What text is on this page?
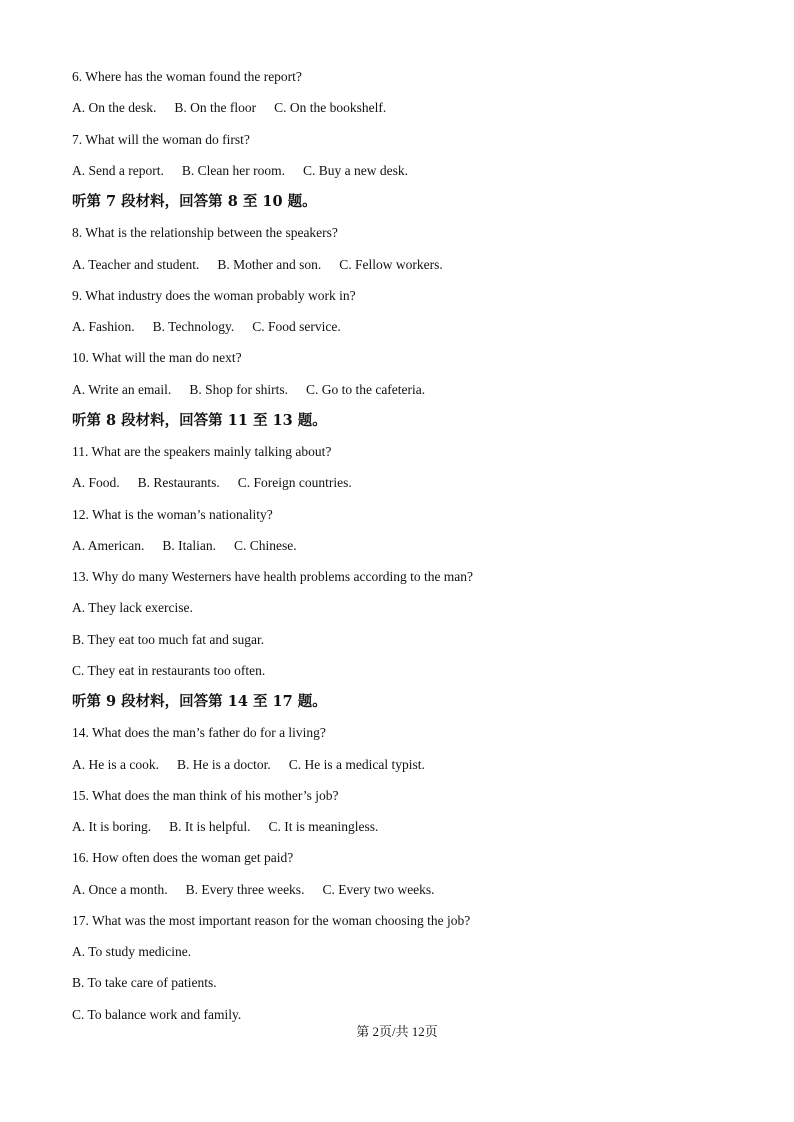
6. Where has the woman found the report?
A. On the desk. B. On the floor C. On the bookshelf.
7. What will the woman do first?
A. Send a report. B. Clean her room. C. Buy a new desk.
听第 7 段材料，回答第 8 至 10 题。
8. What is the relationship between the speakers?
A. Teacher and student. B. Mother and son. C. Fellow workers.
9. What industry does the woman probably work in?
A. Fashion. B. Technology. C. Food service.
10. What will the man do next?
A. Write an email. B. Shop for shirts. C. Go to the cafeteria.
听第 8 段材料，回答第 11 至 13 题。
11. What are the speakers mainly talking about?
A. Food. B. Restaurants. C. Foreign countries.
12. What is the woman’s nationality?
A. American. B. Italian. C. Chinese.
13. Why do many Westerners have health problems according to the man?
A. They lack exercise.
B. They eat too much fat and sugar.
C. They eat in restaurants too often.
听第 9 段材料，回答第 14 至 17 题。
14. What does the man’s father do for a living?
A. He is a cook. B. He is a doctor. C. He is a medical typist.
15. What does the man think of his mother’s job?
A. It is boring. B. It is helpful. C. It is meaningless.
16. How often does the woman get paid?
A. Once a month. B. Every three weeks. C. Every two weeks.
17. What was the most important reason for the woman choosing the job?
A. To study medicine.
B. To take care of patients.
C. To balance work and family.
第 2页/共 12页
